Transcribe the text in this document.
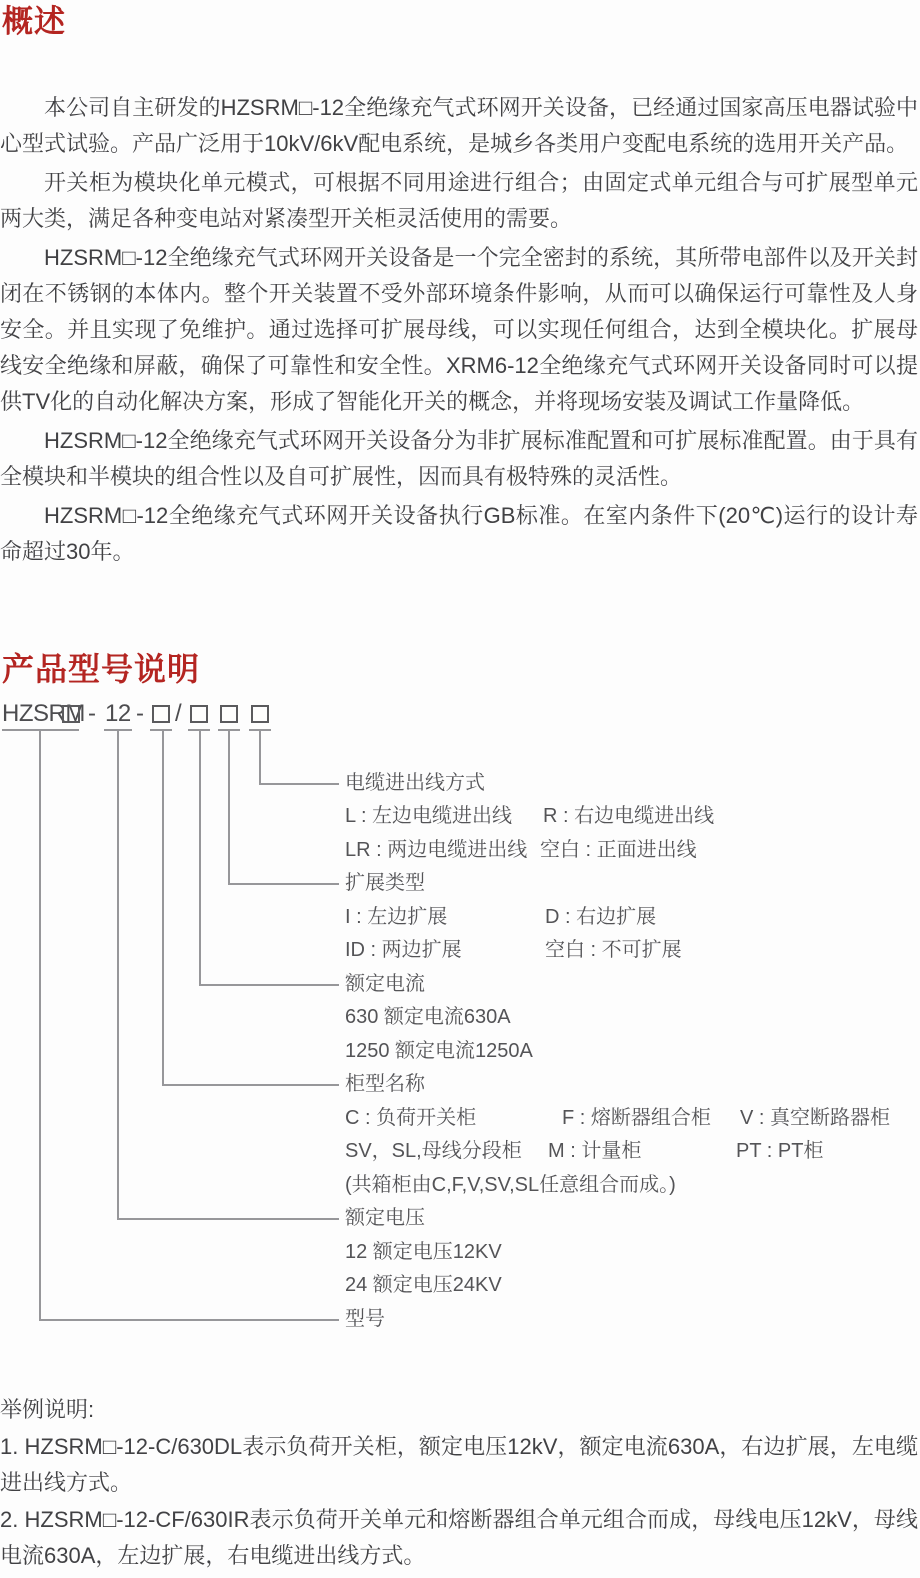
概述

本公司自主研发的HZSRM□-12全绝缘充气式环网开关设备，已经通过国家高压电器试验中心型式试验。产品广泛用于10kV/6kV配电系统，是城乡各类用户变配电系统的选用开关产品。

开关柜为模块化单元模式，可根据不同用途进行组合；由固定式单元组合与可扩展型单元两大类，满足各种变电站对紧凑型开关柜灵活使用的需要。

HZSRM□-12全绝缘充气式环网开关设备是一个完全密封的系统，其所带电部件以及开关封闭在不锈钢的本体内。整个开关装置不受外部环境条件影响，从而可以确保运行可靠性及人身安全。并且实现了免维护。通过选择可扩展母线，可以实现任何组合，达到全模块化。扩展母线安全绝缘和屏蔽，确保了可靠性和安全性。XRM6-12全绝缘充气式环网开关设备同时可以提供TV化的自动化解决方案，形成了智能化开关的概念，并将现场安装及调试工作量降低。

HZSRM□-12全绝缘充气式环网开关设备分为非扩展标准配置和可扩展标准配置。由于具有全模块和半模块的组合性以及自可扩展性，因而具有极特殊的灵活性。

HZSRM□-12全绝缘充气式环网开关设备执行GB标准。在室内条件下(20℃)运行的设计寿命超过30年。

产品型号说明
HZSRM - 12 - /
电缆进出线方式
L : 左边电缆进出线 R : 右边电缆进出线
LR : 两边电缆进出线 空白 : 正面进出线
扩展类型
I : 左边扩展	D : 右边扩展
ID : 两边扩展	空白 : 不可扩展
额定电流
630 额定电流630A
1250 额定电流1250A
柜型名称
C : 负荷开关柜	F : 熔断器组合柜 V : 真空断路器柜
SV，SL,母线分段柜 M : 计量柜	PT : PT柜
(共箱柜由C,F,V,SV,SL任意组合而成。)
额定电压
12 额定电压12KV
24 额定电压24KV
型号

举例说明:

1. HZSRM□-12-C/630DL表示负荷开关柜，额定电压12kV，额定电流630A，右边扩展，左电缆进出线方式。

2. HZSRM□-12-CF/630IR表示负荷开关单元和熔断器组合单元组合而成，母线电压12kV，母线电流630A，左边扩展，右电缆进出线方式。
